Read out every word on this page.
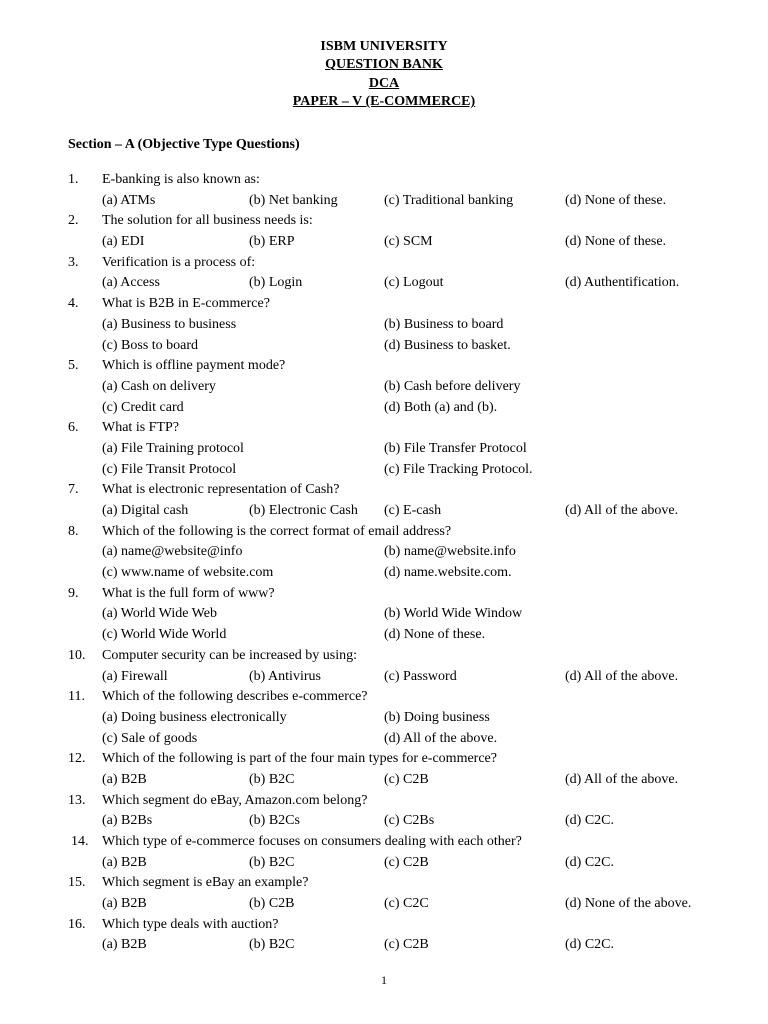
ISBM UNIVERSITY
QUESTION BANK
DCA
PAPER – V (E-COMMERCE)
Section – A (Objective Type Questions)
1. E-banking is also known as:
(a) ATMs	(b) Net banking	(c) Traditional banking	(d) None of these.
2. The solution for all business needs is:
(a) EDI	(b) ERP	(c) SCM	(d) None of these.
3. Verification is a process of:
(a) Access	(b) Login	(c) Logout	(d) Authentification.
4. What is B2B in E-commerce?
(a) Business to business	(b) Business to board
(c) Boss to board	(d) Business to basket.
5. Which is offline payment mode?
(a) Cash on delivery	(b) Cash before delivery
(c) Credit card	(d) Both (a) and (b).
6. What is FTP?
(a) File Training protocol	(b) File Transfer Protocol
(c) File Transit Protocol	(c) File Tracking Protocol.
7. What is electronic representation of Cash?
(a) Digital cash	(b) Electronic Cash (c) E-cash	(d) All of the above.
8. Which of the following is the correct format of email address?
(a) name@website@info	(b) name@website.info
(c) www.name of website.com	(d) name.website.com.
9. What is the full form of www?
(a) World Wide Web	(b) World Wide Window
(c) World Wide World	(d) None of these.
10. Computer security can be increased by using:
(a) Firewall	(b) Antivirus	(c) Password	(d) All of the above.
11. Which of the following describes e-commerce?
(a) Doing business electronically	(b) Doing business
(c) Sale of goods	(d) All of the above.
12. Which of the following is part of the four main types for e-commerce?
(a) B2B	(b) B2C	(c) C2B	(d) All of the above.
13. Which segment do eBay, Amazon.com belong?
(a) B2Bs	(b) B2Cs	(c) C2Bs	(d) C2C.
14. Which type of e-commerce focuses on consumers dealing with each other?
(a) B2B	(b) B2C	(c) C2B	(d) C2C.
15. Which segment is eBay an example?
(a) B2B	(b) C2B	(c) C2C	(d) None of the above.
16. Which type deals with auction?
(a) B2B	(b) B2C	(c) C2B	(d) C2C.
1
